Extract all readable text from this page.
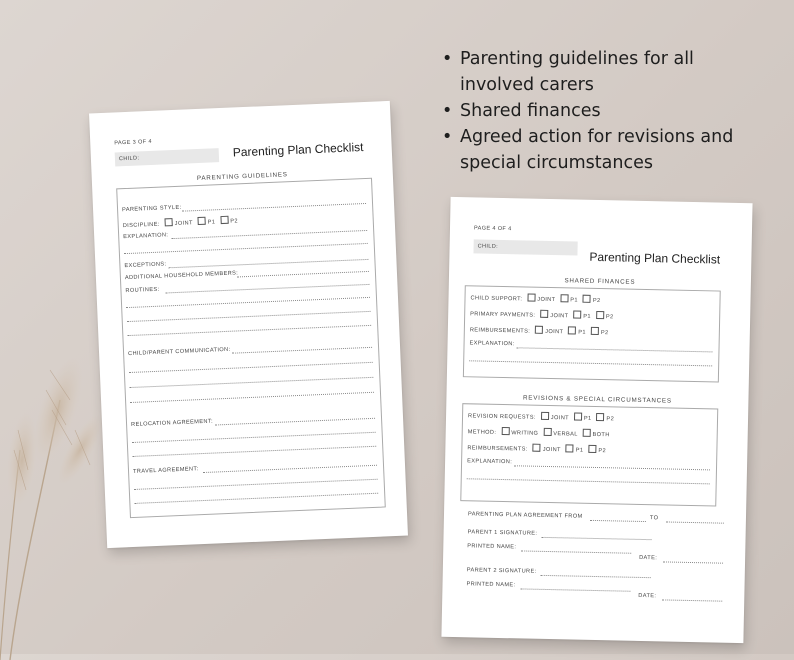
• Parenting guidelines for all involved carers
• Shared finances
• Agreed action for revisions and special circumstances
PAGE 3 OF 4
CHILD:	Parenting Plan Checklist
PARENTING GUIDELINES
PARENTING STYLE:
DISCIPLINE:	JOINT	P1	P2
EXPLANATION:
EXCEPTIONS:
ADDITIONAL HOUSEHOLD MEMBERS:
ROUTINES:
CHILD/PARENT COMMUNICATION:
RELOCATION AGREEMENT:
TRAVEL AGREEMENT:
PAGE 4 OF 4
CHILD:
Parenting Plan Checklist
SHARED FINANCES
CHILD SUPPORT:	JOINT	P1	P2
PRIMARY PAYMENTS:	JOINT	P1	P2
REIMBURSEMENTS:	JOINT	P1	P2
EXPLANATION:
REVISIONS & SPECIAL CIRCUMSTANCES
REVISION REQUESTS:	JOINT	P1	P2
METHOD:	WRITING	VERBAL	BOTH
REIMBURSEMENTS:	JOINT	P1	P2
EXPLANATION:
PARENTING PLAN AGREEMENT FROM	TO
PARENT 1 SIGNATURE:
PRINTED NAME:
DATE:
PARENT 2 SIGNATURE:
PRINTED NAME:
DATE:
